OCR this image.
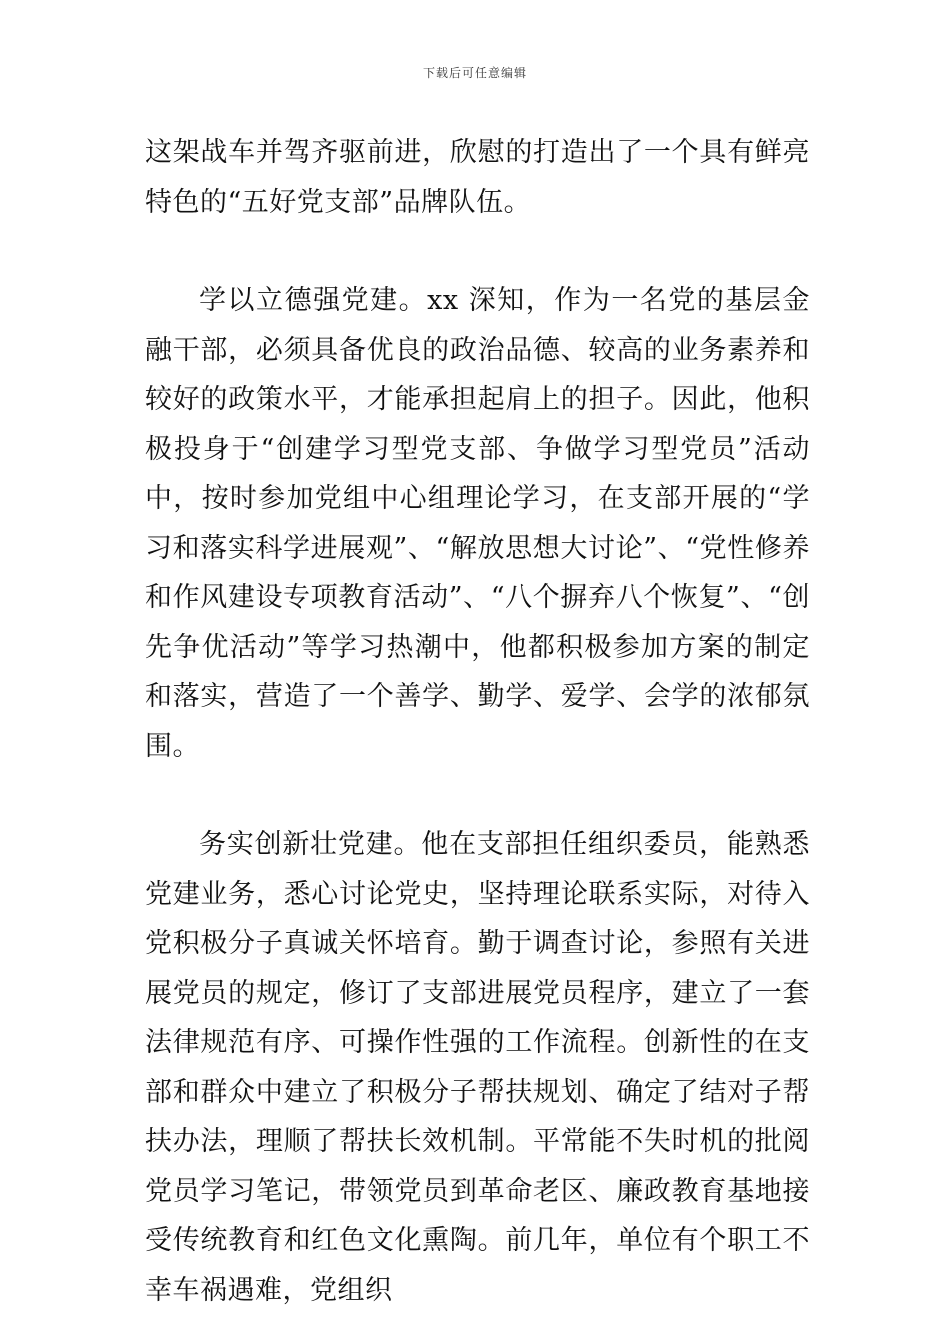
下载后可任意编辑

这架战车并驾齐驱前进，欣慰的打造出了一个具有鲜亮特色的“五好党支部”品牌队伍。

学以立德强党建。xx 深知，作为一名党的基层金融干部，必须具备优良的政治品德、较高的业务素养和较好的政策水平，才能承担起肩上的担子。因此，他积极投身于“创建学习型党支部、争做学习型党员”活动中，按时参加党组中心组理论学习，在支部开展的“学习和落实科学进展观”、“解放思想大讨论”、“党性修养和作风建设专项教育活动”、“八个摒弃八个恢复”、“创先争优活动”等学习热潮中，他都积极参加方案的制定和落实，营造了一个善学、勤学、爱学、会学的浓郁氛围。

务实创新壮党建。他在支部担任组织委员，能熟悉党建业务，悉心讨论党史，坚持理论联系实际，对待入党积极分子真诚关怀培育。勤于调查讨论，参照有关进展党员的规定，修订了支部进展党员程序，建立了一套法律规范有序、可操作性强的工作流程。创新性的在支部和群众中建立了积极分子帮扶规划、确定了结对子帮扶办法，理顺了帮扶长效机制。平常能不失时机的批阅党员学习笔记，带领党员到革命老区、廉政教育基地接受传统教育和红色文化熏陶。前几年，单位有个职工不幸车祸遇难，党组织
